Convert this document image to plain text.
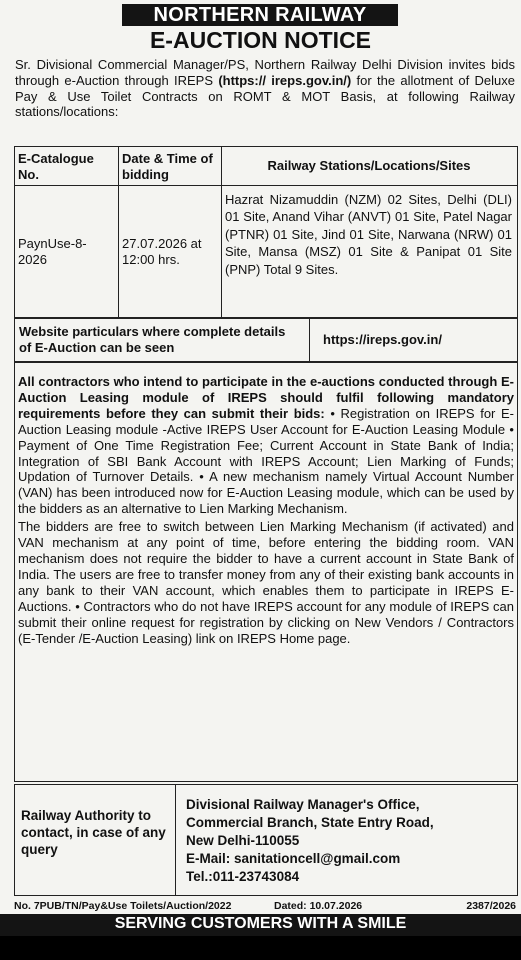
NORTHERN RAILWAY
E-AUCTION NOTICE
Sr. Divisional Commercial Manager/PS, Northern Railway Delhi Division invites bids through e-Auction through IREPS (https:// ireps.gov.in/) for the allotment of Deluxe Pay & Use Toilet Contracts on ROMT & MOT Basis, at following Railway stations/locations:
E-Catalogue No.
Date & Time of bidding
Railway Stations/Locations/Sites
PaynUse-8-2026
27.07.2026 at 12:00 hrs.
Hazrat Nizamuddin (NZM) 02 Sites, Delhi (DLI) 01 Site, Anand Vihar (ANVT) 01 Site, Patel Nagar (PTNR) 01 Site, Jind 01 Site, Narwana (NRW) 01 Site, Mansa (MSZ) 01 Site & Panipat 01 Site (PNP) Total 9 Sites.
Website particulars where complete details of E-Auction can be seen
https://ireps.gov.in/

All contractors who intend to participate in the e-auctions conducted through E-Auction Leasing module of IREPS should fulfil following mandatory requirements before they can submit their bids: • Registration on IREPS for E-Auction Leasing module -Active IREPS User Account for E-Auction Leasing Module • Payment of One Time Registration Fee; Current Account in State Bank of India; Integration of SBI Bank Account with IREPS Account; Lien Marking of Funds; Updation of Turnover Details. • A new mechanism namely Virtual Account Number (VAN) has been introduced now for E-Auction Leasing module, which can be used by the bidders as an alternative to Lien Marking Mechanism.

The bidders are free to switch between Lien Marking Mechanism (if activated) and VAN mechanism at any point of time, before entering the bidding room. VAN mechanism does not require the bidder to have a current account in State Bank of India. The users are free to transfer money from any of their existing bank accounts in any bank to their VAN account, which enables them to participate in IREPS E-Auctions. • Contractors who do not have IREPS account for any module of IREPS can submit their online request for registration by clicking on New Vendors / Contractors (E-Tender /E-Auction Leasing) link on IREPS Home page.

Railway Authority to contact, in case of any query
Divisional Railway Manager's Office,
Commercial Branch, State Entry Road,
New Delhi-110055
E-Mail: sanitationcell@gmail.com
Tel.:011-23743084
No. 7PUB/TN/Pay&Use Toilets/Auction/2022	Dated: 10.07.2026	2387/2026
SERVING CUSTOMERS WITH A SMILE
